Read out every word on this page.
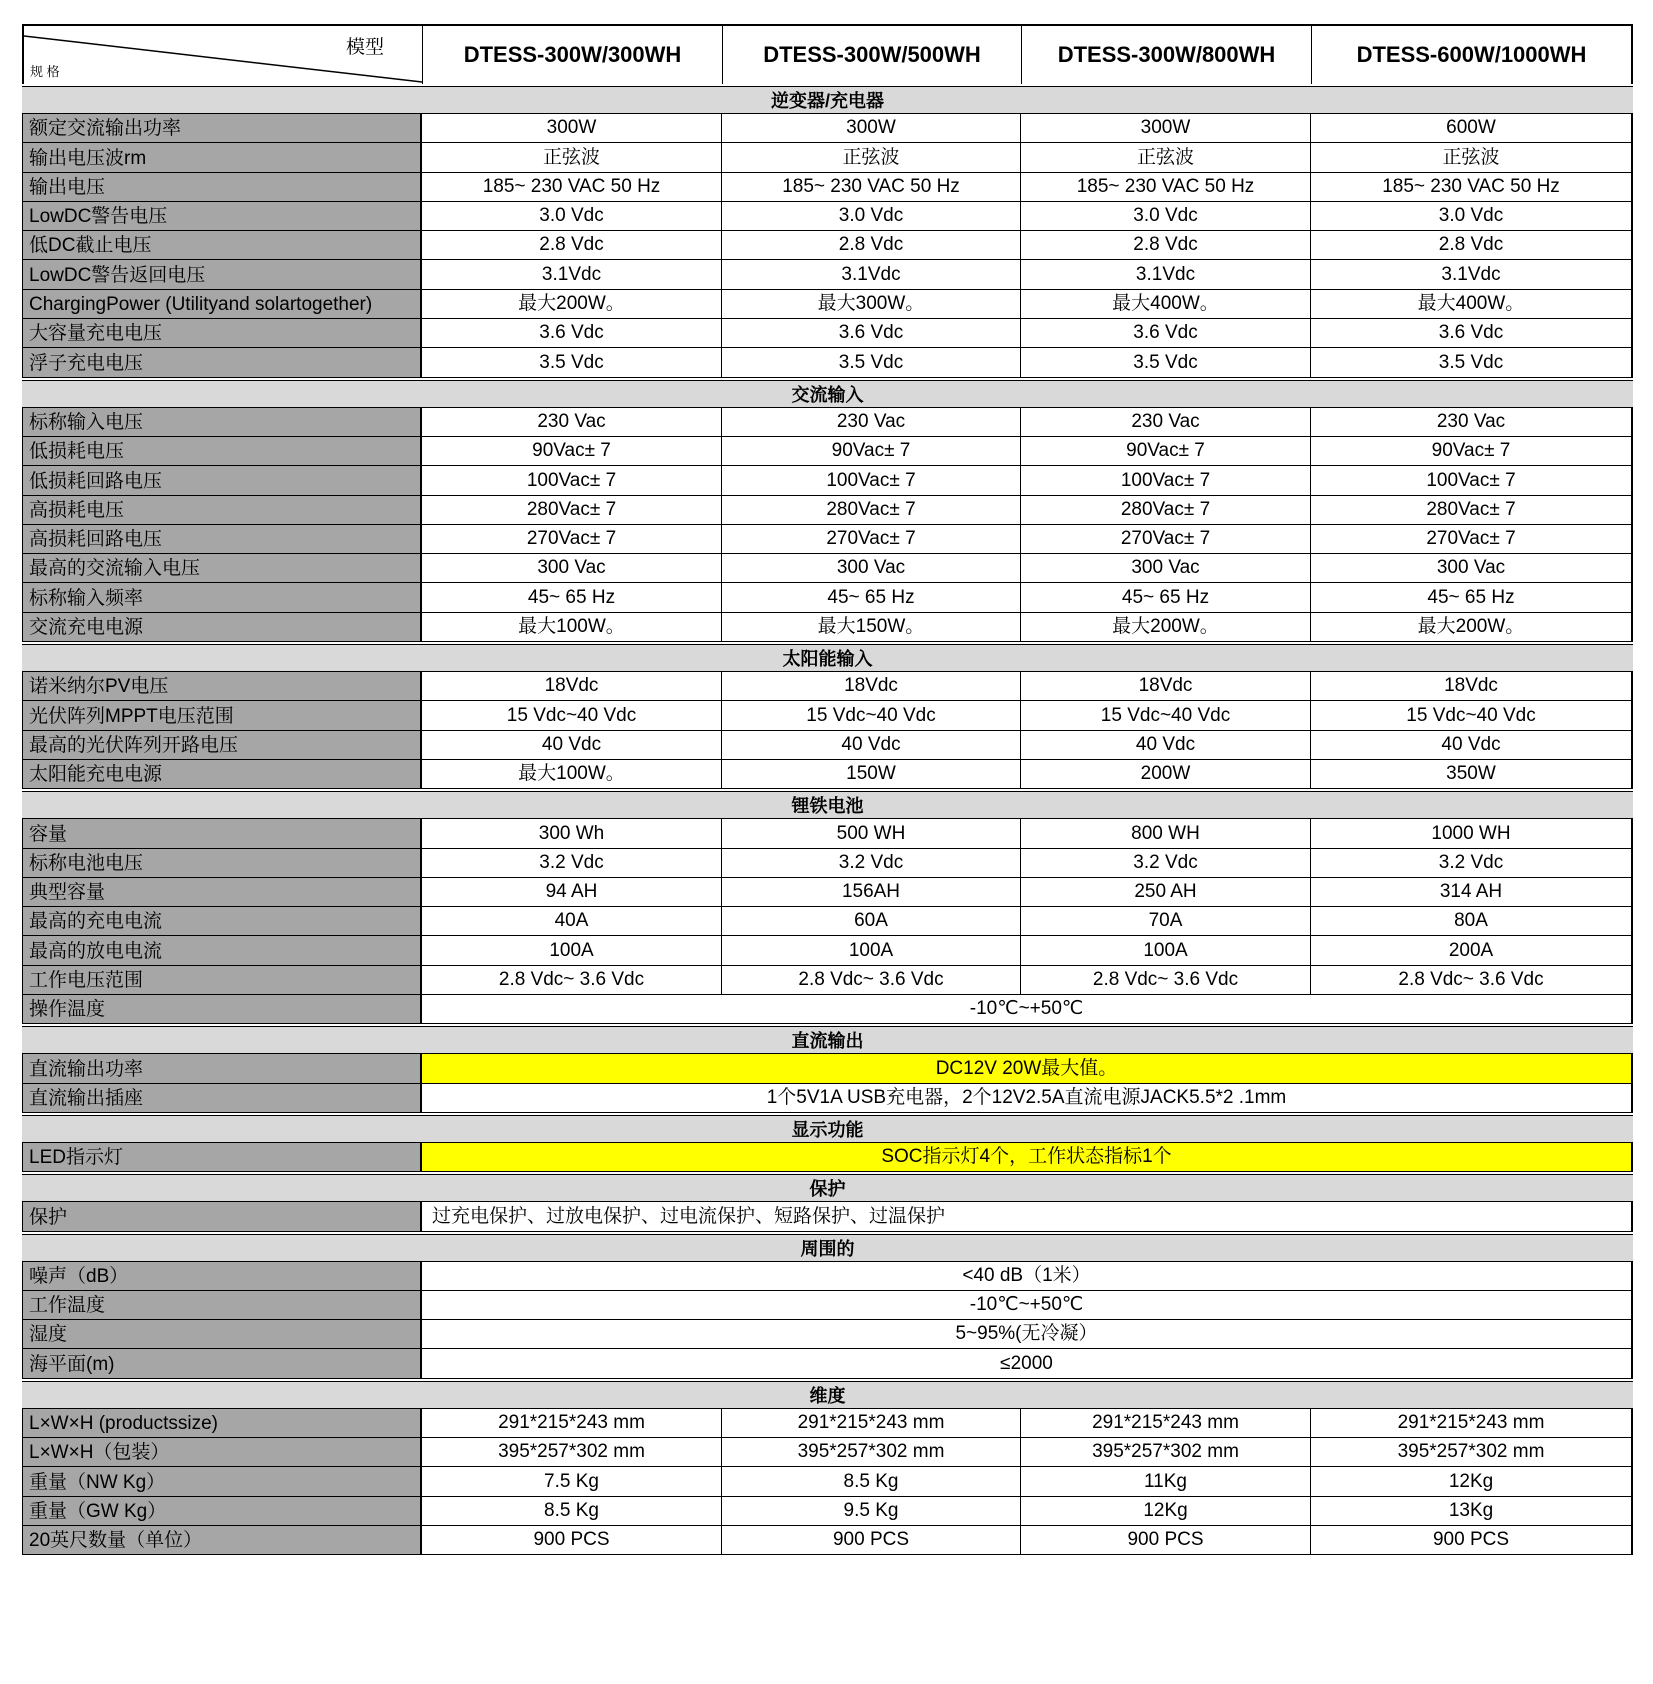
模型
规 格
DTESS-300W/300WH	DTESS-300W/500WH	DTESS-300W/800WH	DTESS-600W/1000WH
逆变器/充电器
额定交流输出功率	300W	300W	300W	600W
输出电压波rm	正弦波	正弦波	正弦波	正弦波
输出电压	185~ 230 VAC 50 Hz	185~ 230 VAC 50 Hz	185~ 230 VAC 50 Hz	185~ 230 VAC 50 Hz
LowDC警告电压	3.0 Vdc	3.0 Vdc	3.0 Vdc	3.0 Vdc
低DC截止电压	2.8 Vdc	2.8 Vdc	2.8 Vdc	2.8 Vdc
LowDC警告返回电压	3.1Vdc	3.1Vdc	3.1Vdc	3.1Vdc
ChargingPower (Utilityand solartogether)	最大200W。	最大300W。	最大400W。	最大400W。
大容量充电电压	3.6 Vdc	3.6 Vdc	3.6 Vdc	3.6 Vdc
浮子充电电压	3.5 Vdc	3.5 Vdc	3.5 Vdc	3.5 Vdc
交流输入
标称输入电压	230 Vac	230 Vac	230 Vac	230 Vac
低损耗电压	90Vac± 7	90Vac± 7	90Vac± 7	90Vac± 7
低损耗回路电压	100Vac± 7	100Vac± 7	100Vac± 7	100Vac± 7
高损耗电压	280Vac± 7	280Vac± 7	280Vac± 7	280Vac± 7
高损耗回路电压	270Vac± 7	270Vac± 7	270Vac± 7	270Vac± 7
最高的交流输入电压	300 Vac	300 Vac	300 Vac	300 Vac
标称输入频率	45~ 65 Hz	45~ 65 Hz	45~ 65 Hz	45~ 65 Hz
交流充电电源	最大100W。	最大150W。	最大200W。	最大200W。
太阳能输入
诺米纳尔PV电压	18Vdc	18Vdc	18Vdc	18Vdc
光伏阵列MPPT电压范围	15 Vdc~40 Vdc	15 Vdc~40 Vdc	15 Vdc~40 Vdc	15 Vdc~40 Vdc
最高的光伏阵列开路电压	40 Vdc	40 Vdc	40 Vdc	40 Vdc
太阳能充电电源	最大100W。	150W	200W	350W
锂铁电池
容量	300 Wh	500 WH	800 WH	1000 WH
标称电池电压	3.2 Vdc	3.2 Vdc	3.2 Vdc	3.2 Vdc
典型容量	94 AH	156AH	250 AH	314 AH
最高的充电电流	40A	60A	70A	80A
最高的放电电流	100A	100A	100A	200A
工作电压范围	2.8 Vdc~ 3.6 Vdc	2.8 Vdc~ 3.6 Vdc	2.8 Vdc~ 3.6 Vdc	2.8 Vdc~ 3.6 Vdc
操作温度	-10℃~+50℃
直流输出
直流输出功率	DC12V 20W最大值。
直流输出插座	1个5V1A USB充电器，2个12V2.5A直流电源JACK5.5*2 .1mm
显示功能
LED指示灯	SOC指示灯4个，工作状态指标1个
保护
保护	过充电保护、过放电保护、过电流保护、短路保护、过温保护
周围的
噪声（dB）	<40 dB（1米）
工作温度	-10℃~+50℃
湿度	5~95%(无冷凝）
海平面(m)	≤2000
维度
L×W×H (productssize)	291*215*243 mm	291*215*243 mm	291*215*243 mm	291*215*243 mm
L×W×H（包装）	395*257*302 mm	395*257*302 mm	395*257*302 mm	395*257*302 mm
重量（NW Kg）	7.5 Kg	8.5 Kg	11Kg	12Kg
重量（GW Kg）	8.5 Kg	9.5 Kg	12Kg	13Kg
20英尺数量（单位）	900 PCS	900 PCS	900 PCS	900 PCS
